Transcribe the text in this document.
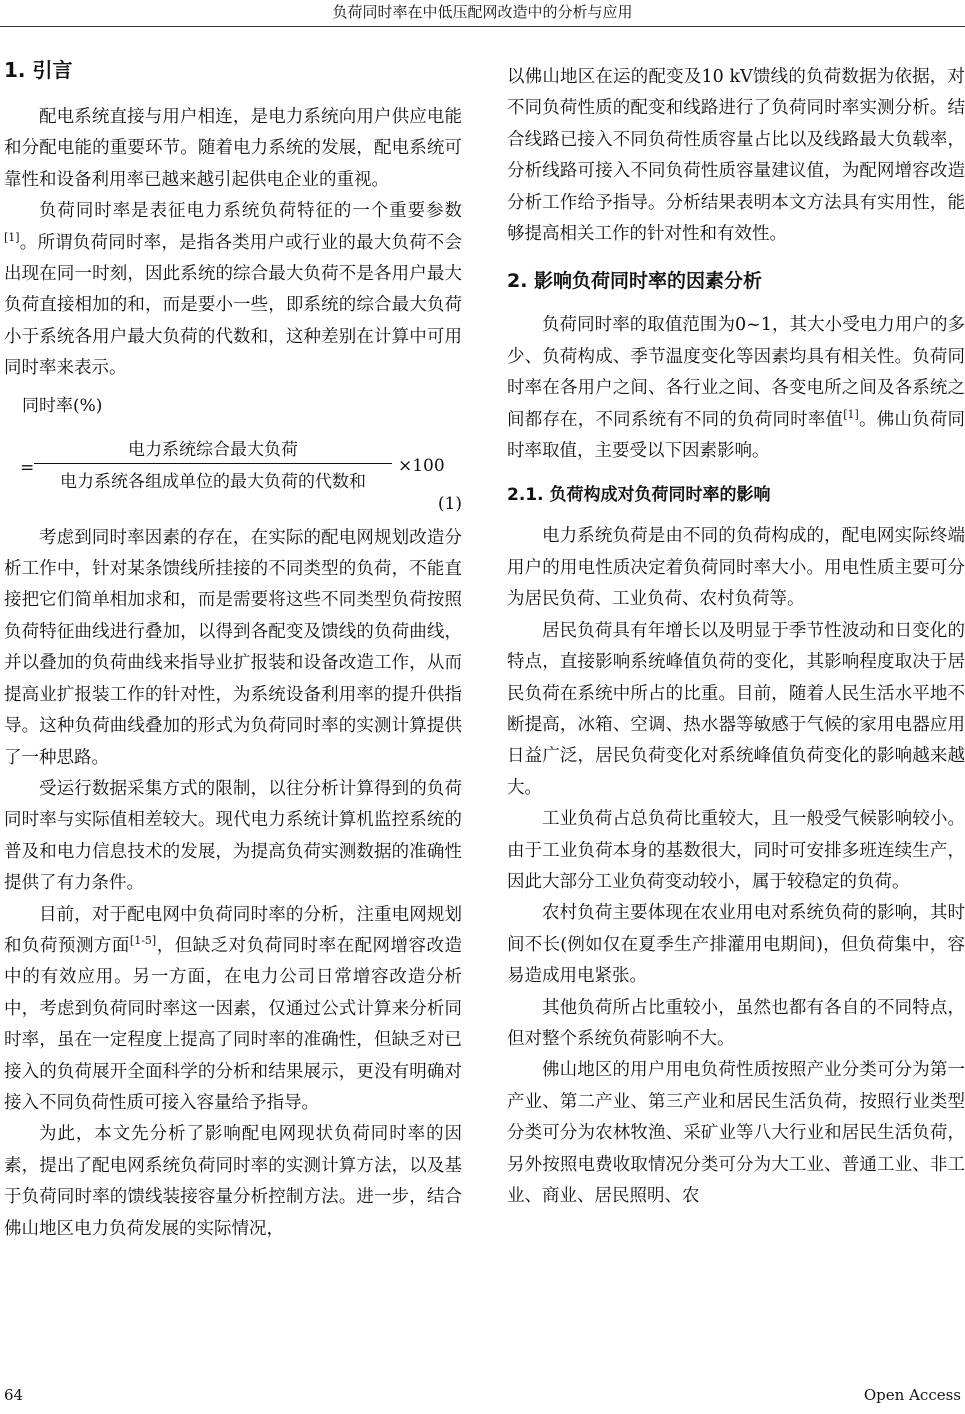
负荷同时率在中低压配网改造中的分析与应用
1. 引言

配电系统直接与用户相连，是电力系统向用户供应电能和分配电能的重要环节。随着电力系统的发展，配电系统可靠性和设备利用率已越来越引起供电企业的重视。

负荷同时率是表征电力系统负荷特征的一个重要参数[1]。所谓负荷同时率，是指各类用户或行业的最大负荷不会出现在同一时刻，因此系统的综合最大负荷不是各用户最大负荷直接相加的和，而是要小一些，即系统的综合最大负荷小于系统各用户最大负荷的代数和，这种差别在计算中可用同时率来表示。

同时率(%)
=
电力系统综合最大负荷
电力系统各组成单位的最大负荷的代数和
×100
(1)

考虑到同时率因素的存在，在实际的配电网规划改造分析工作中，针对某条馈线所挂接的不同类型的负荷，不能直接把它们简单相加求和，而是需要将这些不同类型负荷按照负荷特征曲线进行叠加，以得到各配变及馈线的负荷曲线，并以叠加的负荷曲线来指导业扩报装和设备改造工作，从而提高业扩报装工作的针对性，为系统设备利用率的提升供指导。这种负荷曲线叠加的形式为负荷同时率的实测计算提供了一种思路。

受运行数据采集方式的限制，以往分析计算得到的负荷同时率与实际值相差较大。现代电力系统计算机监控系统的普及和电力信息技术的发展，为提高负荷实测数据的准确性提供了有力条件。

目前，对于配电网中负荷同时率的分析，注重电网规划和负荷预测方面[1-5]，但缺乏对负荷同时率在配网增容改造中的有效应用。另一方面，在电力公司日常增容改造分析中，考虑到负荷同时率这一因素，仅通过公式计算来分析同时率，虽在一定程度上提高了同时率的准确性，但缺乏对已接入的负荷展开全面科学的分析和结果展示，更没有明确对接入不同负荷性质可接入容量给予指导。

为此，本文先分析了影响配电网现状负荷同时率的因素，提出了配电网系统负荷同时率的实测计算方法，以及基于负荷同时率的馈线装接容量分析控制方法。进一步，结合佛山地区电力负荷发展的实际情况，

以佛山地区在运的配变及10 kV馈线的负荷数据为依据，对不同负荷性质的配变和线路进行了负荷同时率实测分析。结合线路已接入不同负荷性质容量占比以及线路最大负载率，分析线路可接入不同负荷性质容量建议值，为配网增容改造分析工作给予指导。分析结果表明本文方法具有实用性，能够提高相关工作的针对性和有效性。

2. 影响负荷同时率的因素分析

负荷同时率的取值范围为0~1，其大小受电力用户的多少、负荷构成、季节温度变化等因素均具有相关性。负荷同时率在各用户之间、各行业之间、各变电所之间及各系统之间都存在，不同系统有不同的负荷同时率值[1]。佛山负荷同时率取值，主要受以下因素影响。

2.1. 负荷构成对负荷同时率的影响

电力系统负荷是由不同的负荷构成的，配电网实际终端用户的用电性质决定着负荷同时率大小。用电性质主要可分为居民负荷、工业负荷、农村负荷等。

居民负荷具有年增长以及明显于季节性波动和日变化的特点，直接影响系统峰值负荷的变化，其影响程度取决于居民负荷在系统中所占的比重。目前，随着人民生活水平地不断提高，冰箱、空调、热水器等敏感于气候的家用电器应用日益广泛，居民负荷变化对系统峰值负荷变化的影响越来越大。

工业负荷占总负荷比重较大，且一般受气候影响较小。由于工业负荷本身的基数很大，同时可安排多班连续生产，因此大部分工业负荷变动较小，属于较稳定的负荷。

农村负荷主要体现在农业用电对系统负荷的影响，其时间不长(例如仅在夏季生产排灌用电期间)，但负荷集中，容易造成用电紧张。

其他负荷所占比重较小，虽然也都有各自的不同特点，但对整个系统负荷影响不大。

佛山地区的用户用电负荷性质按照产业分类可分为第一产业、第二产业、第三产业和居民生活负荷，按照行业类型分类可分为农林牧渔、采矿业等八大行业和居民生活负荷，另外按照电费收取情况分类可分为大工业、普通工业、非工业、商业、居民照明、农

64	Open Access
